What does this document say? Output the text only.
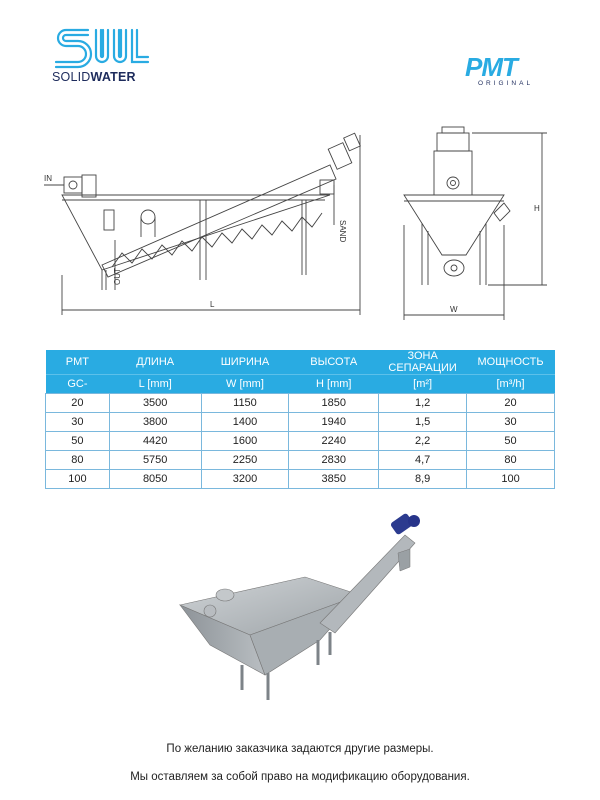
SOLIDWATER	PMT
ORIGINAL
IN
OUT
SAND
L
H
W
PMT	ДЛИНА	ШИРИНА	ВЫСОТА	ЗОНА СЕПАРАЦИИ	МОЩНОСТЬ
GC-	L [mm]	W [mm]	H [mm]	[m²]	[m³/h]
20	3500	1150	1850	1,2	20
30	3800	1400	1940	1,5	30
50	4420	1600	2240	2,2	50
80	5750	2250	2830	4,7	80
100	8050	3200	3850	8,9	100
По желанию заказчика задаются другие размеры.
Мы оставляем за собой право на модификацию оборудования.
